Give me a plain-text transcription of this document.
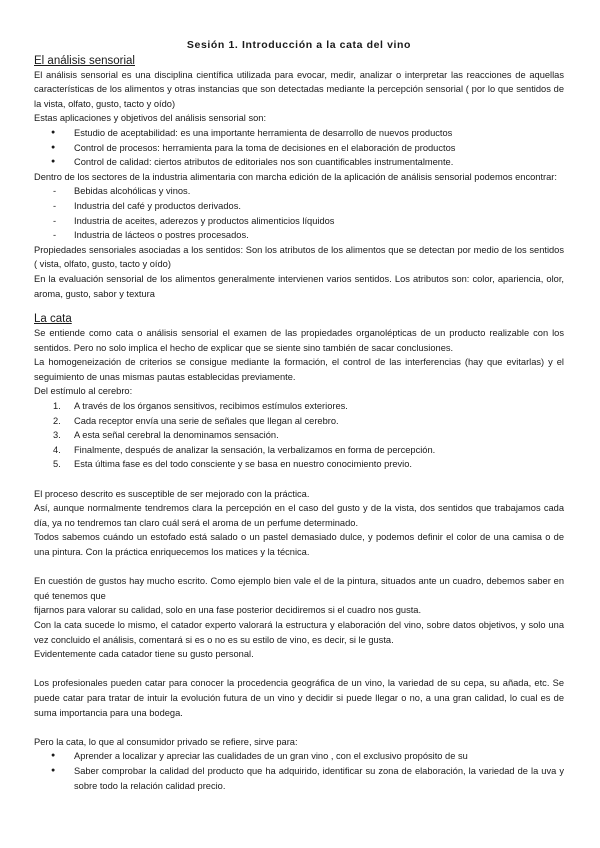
Sesión 1. Introducción a la cata del vino
El análisis sensorial

El análisis sensorial es una disciplina científica utilizada para evocar, medir, analizar o interpretar las reacciones de aquellas características de los alimentos y otras instancias que son detectadas mediante la percepción sensorial ( por lo que sentidos de la vista, olfato, gusto, tacto y oído)

Estas aplicaciones y objetivos del análisis sensorial son:

● Estudio de aceptabilidad: es una importante herramienta de desarrollo de nuevos productos
● Control de procesos: herramienta para la toma de decisiones en el elaboración de productos
● Control de calidad: ciertos atributos de editoriales nos son cuantificables instrumentalmente.

Dentro de los sectores de la industria alimentaria con marcha edición de la aplicación de análisis sensorial podemos encontrar:

- Bebidas alcohólicas y vinos.
- Industria del café y productos derivados.
- Industria de aceites, aderezos y productos alimenticios líquidos
- Industria de lácteos o postres procesados.

Propiedades sensoriales asociadas a los sentidos: Son los atributos de los alimentos que se detectan por medio de los sentidos ( vista, olfato, gusto, tacto y oído)

En la evaluación sensorial de los alimentos generalmente intervienen varios sentidos. Los atributos son: color, apariencia, olor, aroma, gusto, sabor y textura

La cata

Se entiende como cata o análisis sensorial el examen de las propiedades organolépticas de un producto realizable con los sentidos. Pero no solo implica el hecho de explicar que se siente sino también de sacar conclusiones.

La homogeneización de criterios se consigue mediante la formación, el control de las interferencias (hay que evitarlas) y el seguimiento de unas mismas pautas establecidas previamente.

Del estímulo al cerebro:

1. A través de los órganos sensitivos, recibimos estímulos exteriores.
2. Cada receptor envía una serie de señales que llegan al cerebro.
3. A esta señal cerebral la denominamos sensación.
4. Finalmente, después de analizar la sensación, la verbalizamos en forma de percepción.
5. Esta última fase es del todo consciente y se basa en nuestro conocimiento previo.

El proceso descrito es susceptible de ser mejorado con la práctica.

Así, aunque normalmente tendremos clara la percepción en el caso del gusto y de la vista, dos sentidos que trabajamos cada día, ya no tendremos tan claro cuál será el aroma de un perfume determinado.

Todos sabemos cuándo un estofado está salado o un pastel demasiado dulce, y podemos definir el color de una camisa o de una pintura. Con la práctica enriquecemos los matices y la técnica.

En cuestión de gustos hay mucho escrito. Como ejemplo bien vale el de la pintura, situados ante un cuadro, debemos saber en qué tenemos que

fijarnos para valorar su calidad, solo en una fase posterior decidiremos si el cuadro nos gusta.

Con la cata sucede lo mismo, el catador experto valorará la estructura y elaboración del vino, sobre datos objetivos, y solo una vez concluido el análisis, comentará si es o no es su estilo de vino, es decir, si le gusta.

Evidentemente cada catador tiene su gusto personal.

Los profesionales pueden catar para conocer la procedencia geográfica de un vino, la variedad de su cepa, su añada, etc. Se puede catar para tratar de intuir la evolución futura de un vino y decidir si puede llegar o no, a una gran calidad, lo cual es de suma importancia para una bodega.

Pero la cata, lo que al consumidor privado se refiere, sirve para:

● Aprender a localizar y apreciar las cualidades de un gran vino , con el exclusivo propósito de su
● Saber comprobar la calidad del producto que ha adquirido, identificar su zona de elaboración, la variedad de la uva y sobre todo la relación calidad precio.
